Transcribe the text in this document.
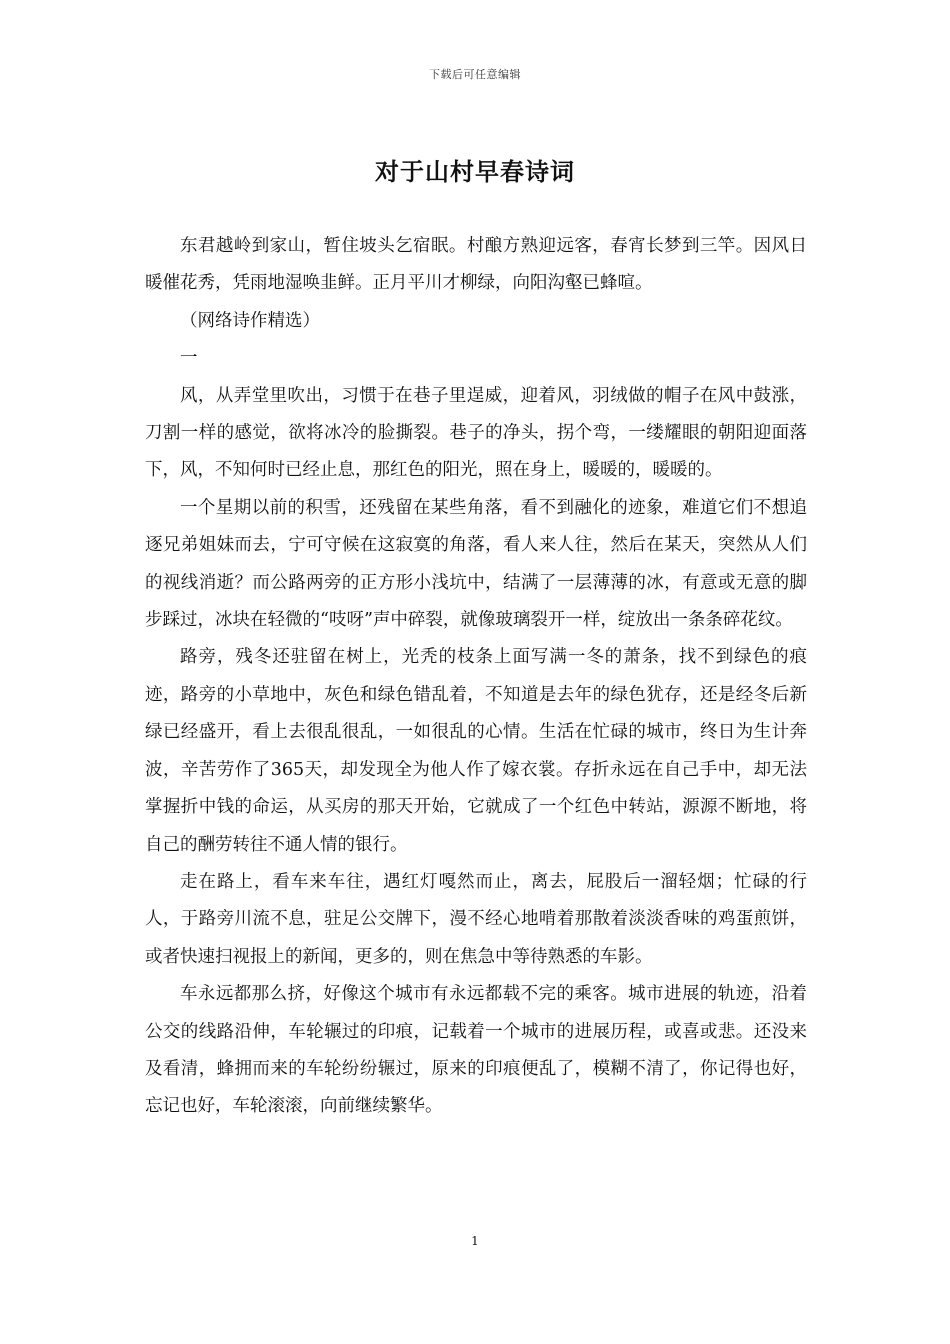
下载后可任意编辑
对于山村早春诗词

东君越岭到家山，暂住坡头乞宿眠。村酿方熟迎远客，春宵长梦到三竿。因风日暖催花秀，凭雨地湿唤韭鲜。正月平川才柳绿，向阳沟壑已蜂喧。

（网络诗作精选）

一

风，从弄堂里吹出，习惯于在巷子里逞威，迎着风，羽绒做的帽子在风中鼓涨，刀割一样的感觉，欲将冰冷的脸撕裂。巷子的净头，拐个弯，一缕耀眼的朝阳迎面落下，风，不知何时已经止息，那红色的阳光，照在身上，暖暖的，暖暖的。

一个星期以前的积雪，还残留在某些角落，看不到融化的迹象，难道它们不想追逐兄弟姐妹而去，宁可守候在这寂寞的角落，看人来人往，然后在某天，突然从人们的视线消逝？而公路两旁的正方形小浅坑中，结满了一层薄薄的冰，有意或无意的脚步踩过，冰块在轻微的“吱呀”声中碎裂，就像玻璃裂开一样，绽放出一条条碎花纹。

路旁，残冬还驻留在树上，光秃的枝条上面写满一冬的萧条，找不到绿色的痕迹，路旁的小草地中，灰色和绿色错乱着，不知道是去年的绿色犹存，还是经冬后新绿已经盛开，看上去很乱很乱，一如很乱的心情。生活在忙碌的城市，终日为生计奔波，辛苦劳作了365天，却发现全为他人作了嫁衣裳。存折永远在自己手中，却无法掌握折中钱的命运，从买房的那天开始，它就成了一个红色中转站，源源不断地，将自己的酬劳转往不通人情的银行。

走在路上，看车来车往，遇红灯嘎然而止，离去，屁股后一溜轻烟；忙碌的行人，于路旁川流不息，驻足公交牌下，漫不经心地啃着那散着淡淡香味的鸡蛋煎饼，或者快速扫视报上的新闻，更多的，则在焦急中等待熟悉的车影。

车永远都那么挤，好像这个城市有永远都载不完的乘客。城市进展的轨迹，沿着公交的线路沿伸，车轮辗过的印痕，记载着一个城市的进展历程，或喜或悲。还没来及看清，蜂拥而来的车轮纷纷辗过，原来的印痕便乱了，模糊不清了，你记得也好，忘记也好，车轮滚滚，向前继续繁华。

1
